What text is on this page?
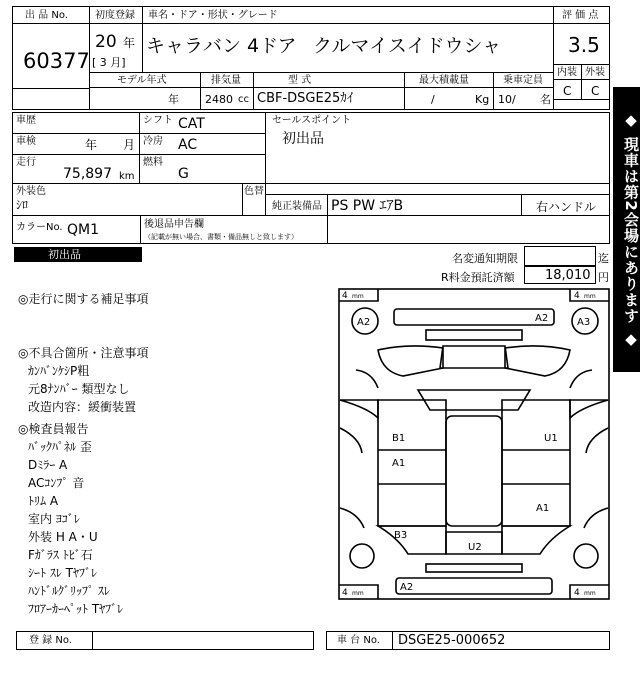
出 品 No.
60377
初度登録 車名・ドア・形状・グレード
20 年
[ 3 月]
キャラバン 4ドア クルマイスイドウシャ
評 価 点
3.5
内装 外装
C C
モデル年式	排気量	型 式	最大積載量	乗車定員
年 2480 cc CBF-DSGE25ｶｲ	/	Kg 10/ 名
◆ 現車は第2会場にあります ◆
車歴	シフト CAT
車検	年 月 冷房 AC
走行
75,897 km
燃料
G
セールスポイント
初出品
外装色
ｼﾛ
色替
純正装備品 PS PW ｴｱB	右ハンドル
カラーNo. QM1	後退品申告欄
（記載が無い場合、書類・備品無しと致します）
初出品	名変通知期限	迄
R料金預託済額 18,010 円
◎走行に関する補足事項
◎不具合箇所・注意事項
ｶﾝﾊﾞﾝｹｼP粗
元8ﾅﾝﾊﾞｰ 類型なし
改造内容：緩衝装置
◎検査員報告
ﾊﾞｯｸﾊﾟﾈﾙ 歪
Dﾐﾗｰ A
ACｺﾝﾌﾟ 音
ﾄﾘﾑ A
室内 ﾖｺﾞﾚ
外装 H A・U
Fｶﾞﾗｽ ﾄﾋﾞ石
ｼｰﾄ ｽﾚ Tﾔﾌﾞﾚ
ﾊﾝﾄﾞﾙｸﾞﾘｯﾌﾟ ｽﾚ
ﾌﾛｱｰｶｰﾍﾟｯﾄ Tﾔﾌﾞﾚ
4 mm	4 mm
4 mm	4 mm
A2	A2	A3
B1	U1
A1
A1
B3
U2
A2
登 録 No.	車 台 No. DSGE25-000652
